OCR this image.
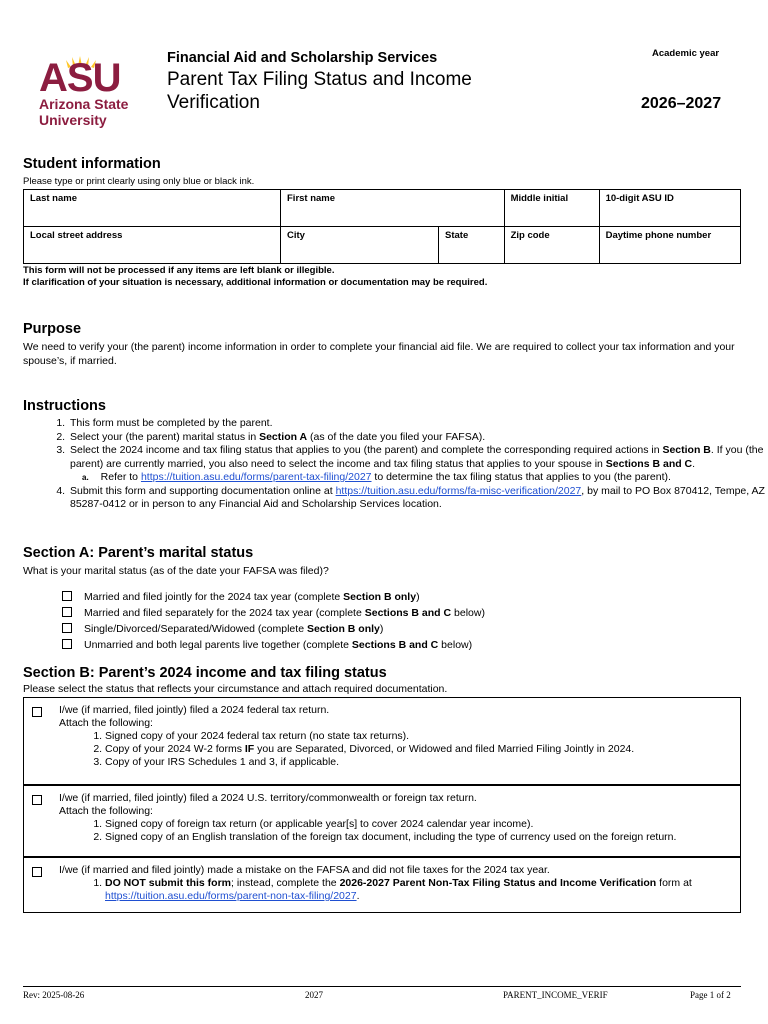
ASU
Arizona State
University
Financial Aid and Scholarship Services
Parent Tax Filing Status and Income Verification
Academic year
2026–2027
Student information
Please type or print clearly using only blue or black ink.
Last name	First name		Middle initial	10-digit ASU ID
Local street address	City	State	Zip code	Daytime phone number
This form will not be processed if any items are left blank or illegible.
If clarification of your situation is necessary, additional information or documentation may be required.
Purpose
We need to verify your (the parent) income information in order to complete your financial aid file. We are required to collect your tax information and your spouse’s, if married.
Instructions
1. This form must be completed by the parent.
2. Select your (the parent) marital status in Section A (as of the date you filed your FAFSA).
3. Select the 2024 income and tax filing status that applies to you (the parent) and complete the corresponding required actions in Section B. If you (the parent) are currently married, you also need to select the income and tax filing status that applies to your spouse in Sections B and C.
a. Refer to https://tuition.asu.edu/forms/parent-tax-filing/2027 to determine the tax filing status that applies to you (the parent).
4. Submit this form and supporting documentation online at https://tuition.asu.edu/forms/fa-misc-verification/2027, by mail to PO Box 870412, Tempe, AZ 85287-0412 or in person to any Financial Aid and Scholarship Services location.
Section A: Parent’s marital status
What is your marital status (as of the date your FAFSA was filed)?
Married and filed jointly for the 2024 tax year (complete Section B only)
Married and filed separately for the 2024 tax year (complete Sections B and C below)
Single/Divorced/Separated/Widowed (complete Section B only)
Unmarried and both legal parents live together (complete Sections B and C below)
Section B: Parent’s 2024 income and tax filing status
Please select the status that reflects your circumstance and attach required documentation.
I/we (if married, filed jointly) filed a 2024 federal tax return.
Attach the following:
1. Signed copy of your 2024 federal tax return (no state tax returns).
2. Copy of your 2024 W-2 forms IF you are Separated, Divorced, or Widowed and filed Married Filing Jointly in 2024.
3. Copy of your IRS Schedules 1 and 3, if applicable.
I/we (if married, filed jointly) filed a 2024 U.S. territory/commonwealth or foreign tax return.
Attach the following:
1. Signed copy of foreign tax return (or applicable year[s] to cover 2024 calendar year income).
2. Signed copy of an English translation of the foreign tax document, including the type of currency used on the foreign return.
I/we (if married and filed jointly) made a mistake on the FAFSA and did not file taxes for the 2024 tax year.
1. DO NOT submit this form; instead, complete the 2026-2027 Parent Non-Tax Filing Status and Income Verification form at https://tuition.asu.edu/forms/parent-non-tax-filing/2027.
Rev: 2025-08-26	2027	PARENT_INCOME_VERIF	Page 1 of 2
